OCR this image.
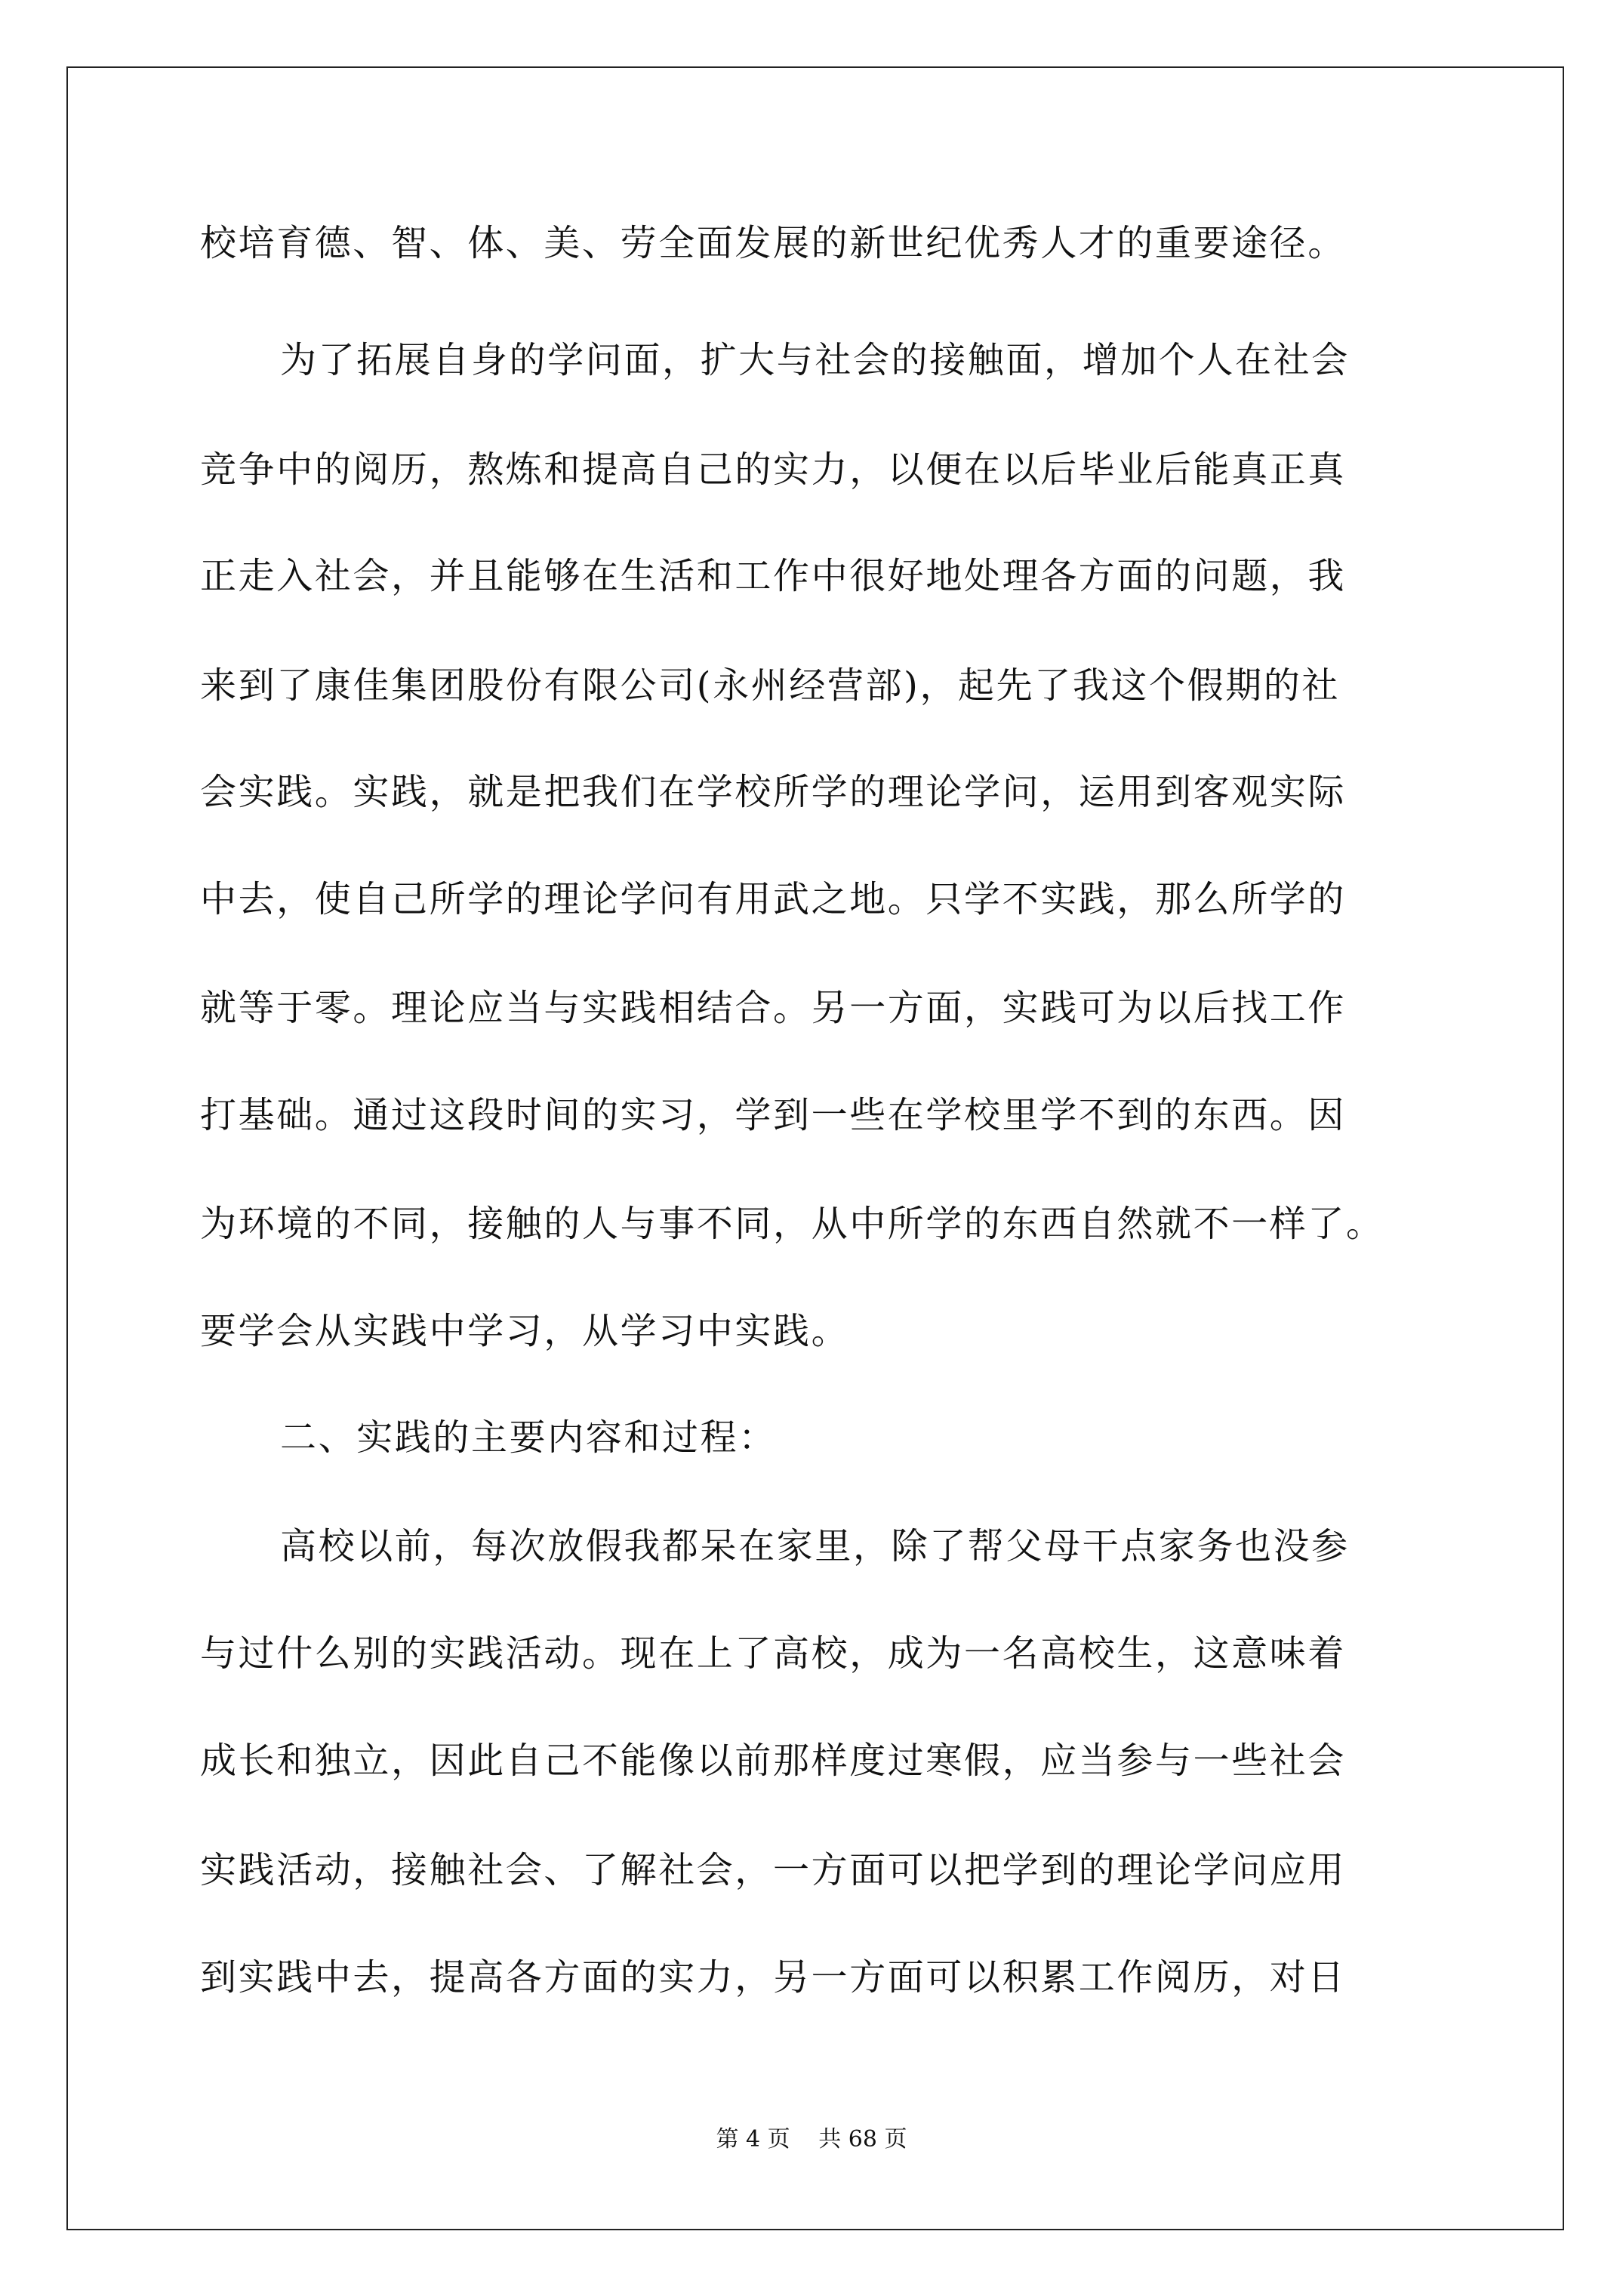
校培育德、智、体、美、劳全面发展的新世纪优秀人才的重要途径。
为了拓展自身的学问面，扩大与社会的接触面，增加个人在社会
竞争中的阅历，熬炼和提高自己的实力，以便在以后毕业后能真正真
正走入社会，并且能够在生活和工作中很好地处理各方面的问题，我
来到了康佳集团股份有限公司(永州经营部)，起先了我这个假期的社
会实践。实践，就是把我们在学校所学的理论学问，运用到客观实际
中去，使自己所学的理论学问有用武之地。只学不实践，那么所学的
就等于零。理论应当与实践相结合。另一方面，实践可为以后找工作
打基础。通过这段时间的实习，学到一些在学校里学不到的东西。因
为环境的不同，接触的人与事不同，从中所学的东西自然就不一样了。
要学会从实践中学习，从学习中实践。
二、实践的主要内容和过程：
高校以前，每次放假我都呆在家里，除了帮父母干点家务也没参
与过什么别的实践活动。现在上了高校，成为一名高校生，这意味着
成长和独立，因此自己不能像以前那样度过寒假，应当参与一些社会
实践活动，接触社会、了解社会，一方面可以把学到的理论学问应用
到实践中去，提高各方面的实力，另一方面可以积累工作阅历，对日
第 4 页 共 68 页
